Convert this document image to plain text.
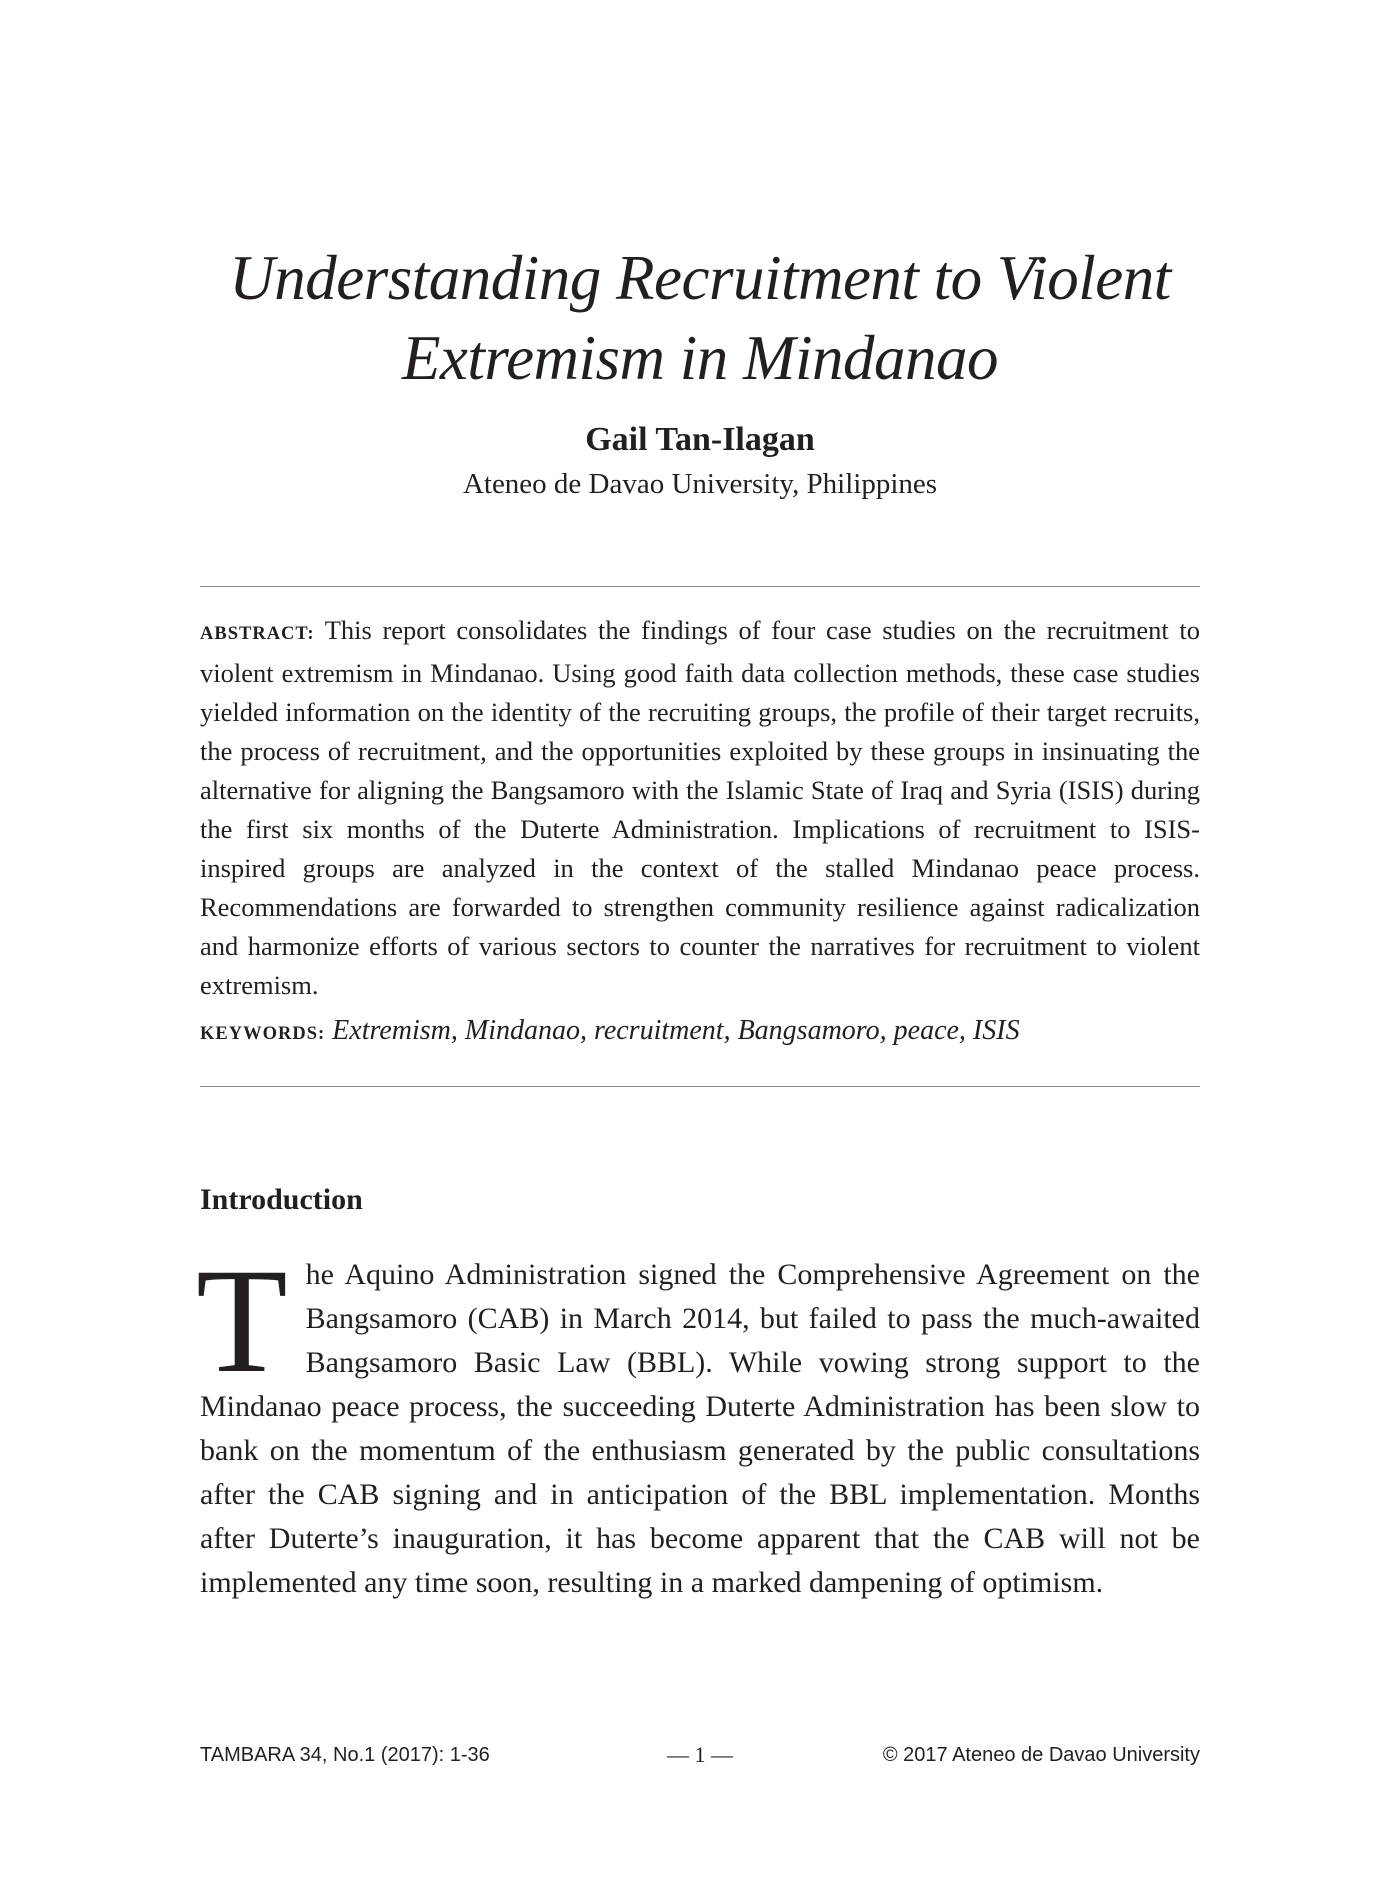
Understanding Recruitment to Violent
Extremism in Mindanao
Gail Tan-Ilagan
Ateneo de Davao University, Philippines

ABSTRACT: This report consolidates the findings of four case studies on the recruitment to violent extremism in Mindanao. Using good faith data collection methods, these case studies yielded information on the identity of the recruiting groups, the profile of their target recruits, the process of recruitment, and the opportunities exploited by these groups in insinuating the alternative for aligning the Bangsamoro with the Islamic State of Iraq and Syria (ISIS) during the first six months of the Duterte Administration. Implications of recruitment to ISIS-inspired groups are analyzed in the context of the stalled Mindanao peace process. Recommendations are forwarded to strengthen community resilience against radicalization and harmonize efforts of various sectors to counter the narratives for recruitment to violent extremism.

KEYWORDS: Extremism, Mindanao, recruitment, Bangsamoro, peace, ISIS

Introduction

The Aquino Administration signed the Comprehensive Agreement on the Bangsamoro (CAB) in March 2014, but failed to pass the much-awaited Bangsamoro Basic Law (BBL). While vowing strong support to the Mindanao peace process, the succeeding Duterte Administration has been slow to bank on the momentum of the enthusiasm generated by the public consultations after the CAB signing and in anticipation of the BBL implementation. Months after Duterte’s inauguration, it has become apparent that the CAB will not be implemented any time soon, resulting in a marked dampening of optimism.

TAMBARA 34, No.1 (2017): 1-36	— 1 —	© 2017 Ateneo de Davao University
